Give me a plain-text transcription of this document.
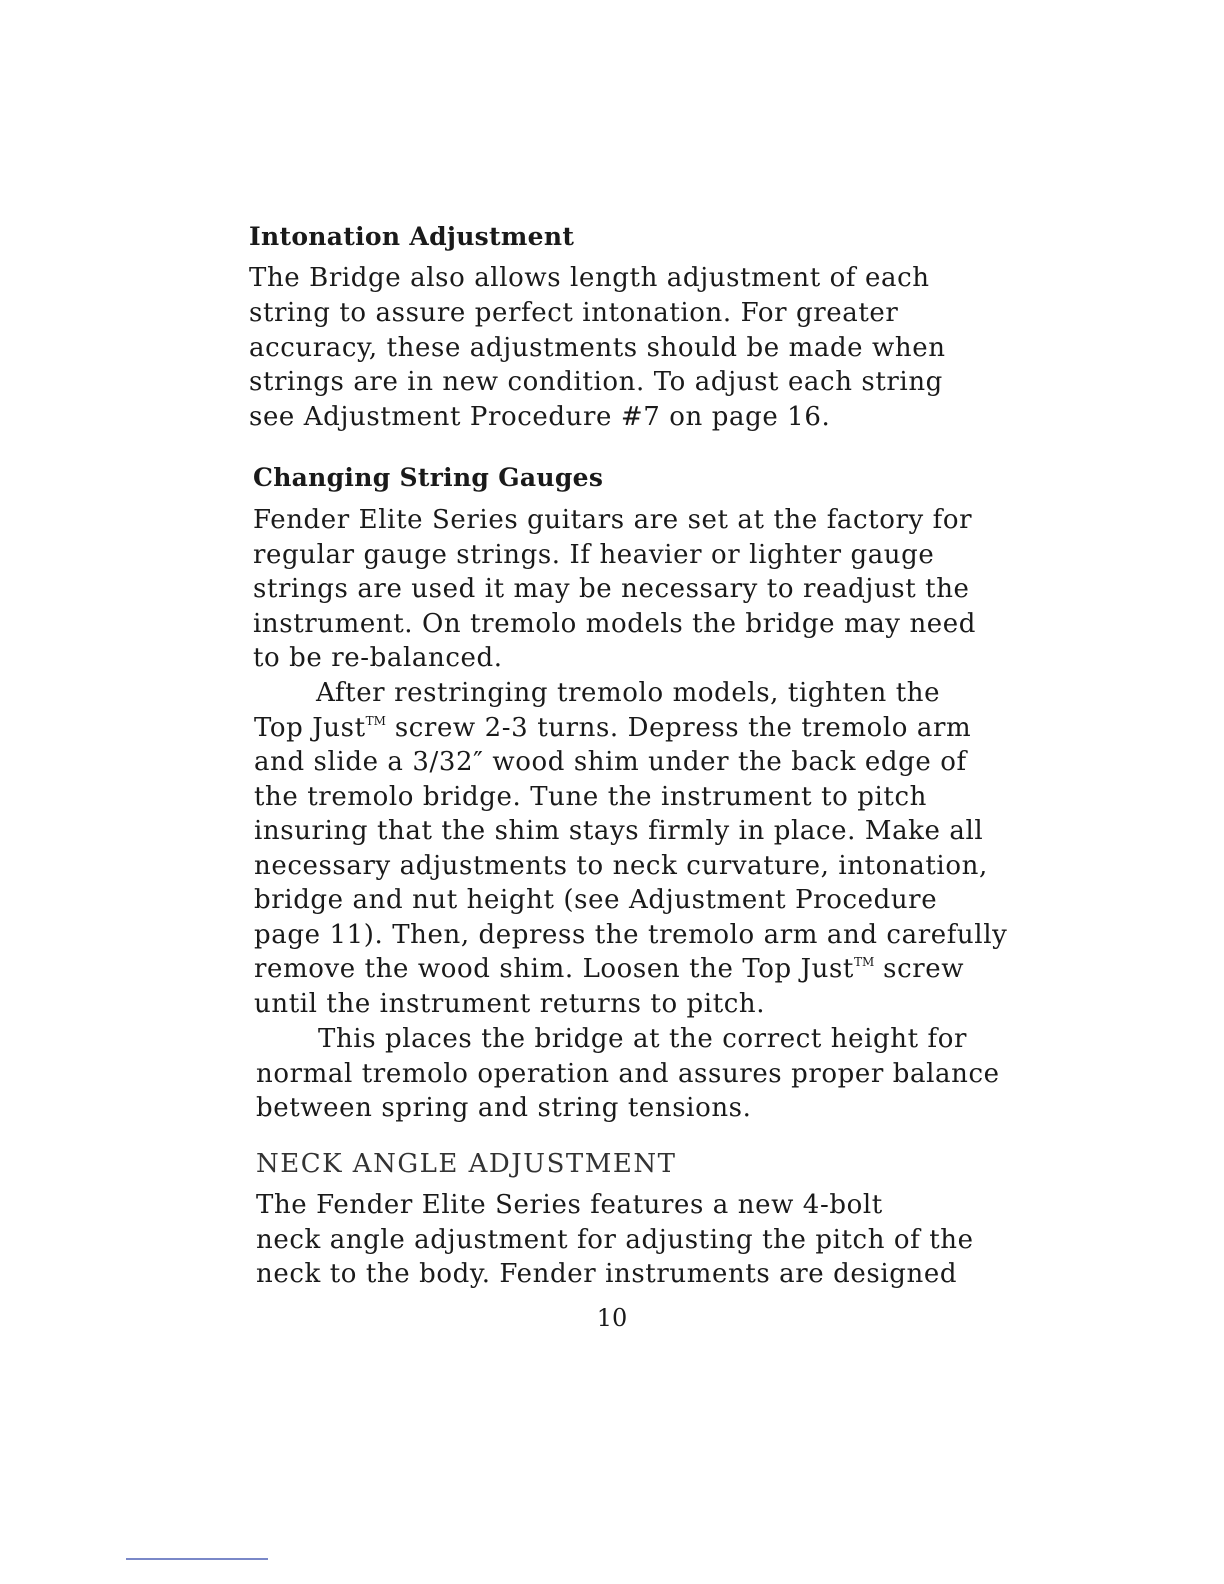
Intonation Adjustment

The Bridge also allows length adjustment of each

string to assure perfect intonation. For greater

accuracy, these adjustments should be made when

strings are in new condition. To adjust each string

see Adjustment Procedure #7 on page 16.

Changing String Gauges

Fender Elite Series guitars are set at the factory for

regular gauge strings. If heavier or lighter gauge

strings are used it may be necessary to readjust the

instrument. On tremolo models the bridge may need

to be re-balanced.

After restringing tremolo models, tighten the

Top Just™ screw 2-3 turns. Depress the tremolo arm

and slide a 3/32″ wood shim under the back edge of

the tremolo bridge. Tune the instrument to pitch

insuring that the shim stays firmly in place. Make all

necessary adjustments to neck curvature, intonation,

bridge and nut height (see Adjustment Procedure

page 11). Then, depress the tremolo arm and carefully

remove the wood shim. Loosen the Top Just™ screw

until the instrument returns to pitch.

This places the bridge at the correct height for

normal tremolo operation and assures proper balance

between spring and string tensions.

NECK ANGLE ADJUSTMENT

The Fender Elite Series features a new 4-bolt

neck angle adjustment for adjusting the pitch of the

neck to the body. Fender instruments are designed

10
